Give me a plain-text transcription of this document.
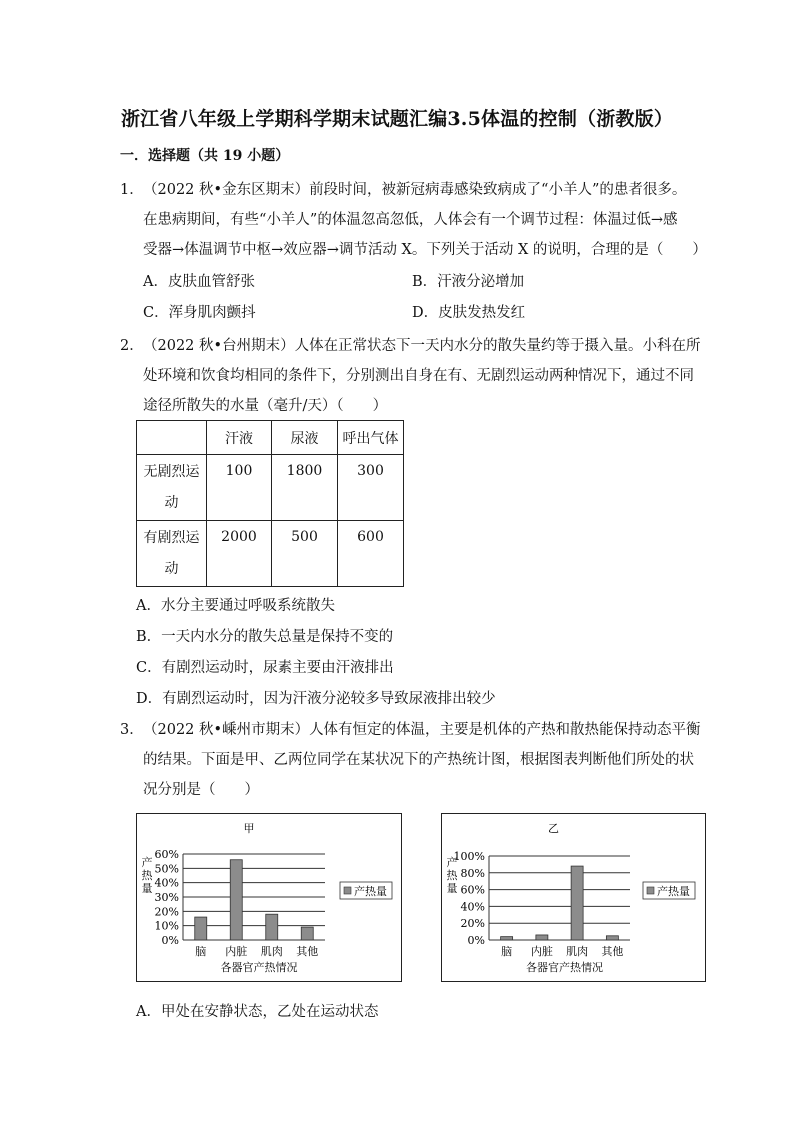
浙江省八年级上学期科学期末试题汇编3.5体温的控制（浙教版）
一．选择题（共 19 小题）
1． （2022 秋•金东区期末）前段时间，被新冠病毒感染致病成了“小羊人”的患者很多。
在患病期间，有些“小羊人”的体温忽高忽低，人体会有一个调节过程：体温过低→感
受器→体温调节中枢→效应器→调节活动 X。下列关于活动 X 的说明，合理的是（　　）
A．皮肤血管舒张	B．汗液分泌增加
C．浑身肌肉颤抖	D．皮肤发热发红
2． （2022 秋•台州期末）人体在正常状态下一天内水分的散失量约等于摄入量。小科在所
处环境和饮食均相同的条件下，分别测出自身在有、无剧烈运动两种情况下，通过不同
途径所散失的水量（毫升/天）（　　）
	汗液	尿液	呼出气体
无剧烈运
动	100	1800	300
有剧烈运
动	2000	500	600
A．水分主要通过呼吸系统散失
B．一天内水分的散失总量是保持不变的
C．有剧烈运动时，尿素主要由汗液排出
D．有剧烈运动时，因为汗液分泌较多导致尿液排出较少
3． （2022 秋•嵊州市期末）人体有恒定的体温，主要是机体的产热和散热能保持动态平衡
的结果。下面是甲、乙两位同学在某状况下的产热统计图，根据图表判断他们所处的状
况分别是（　　）
甲
0%
10%
20%
30%
40%
50%
60%
产
热
量
脑 内脏 肌肉 其他
各器官产热情况
产热量
乙
0%
20%
40%
60%
80%
100%
产
热
量
脑 内脏 肌肉 其他
各器官产热情况
产热量
A．甲处在安静状态，乙处在运动状态
